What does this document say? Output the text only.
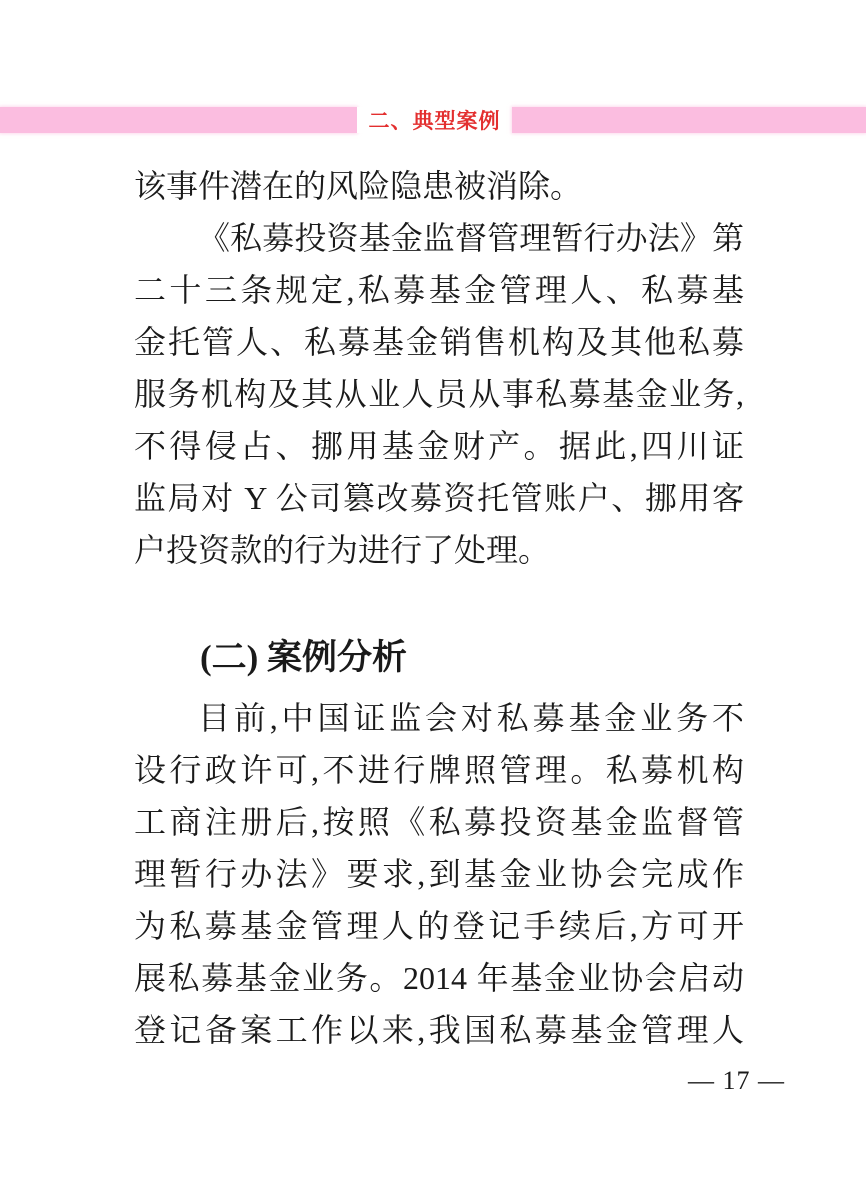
二、典型案例
该事件潜在的风险隐患被消除。
《私募投资基金监督管理暂行办法》第
二十三条规定,私募基金管理人、私募基
金托管人、私募基金销售机构及其他私募
服务机构及其从业人员从事私募基金业务,
不得侵占、挪用基金财产。据此,四川证
监局对 Y 公司篡改募资托管账户、挪用客
户投资款的行为进行了处理。
(二) 案例分析
目前,中国证监会对私募基金业务不
设行政许可,不进行牌照管理。私募机构
工商注册后,按照《私募投资基金监督管
理暂行办法》要求,到基金业协会完成作
为私募基金管理人的登记手续后,方可开
展私募基金业务。2014 年基金业协会启动
登记备案工作以来,我国私募基金管理人
— 17 —
